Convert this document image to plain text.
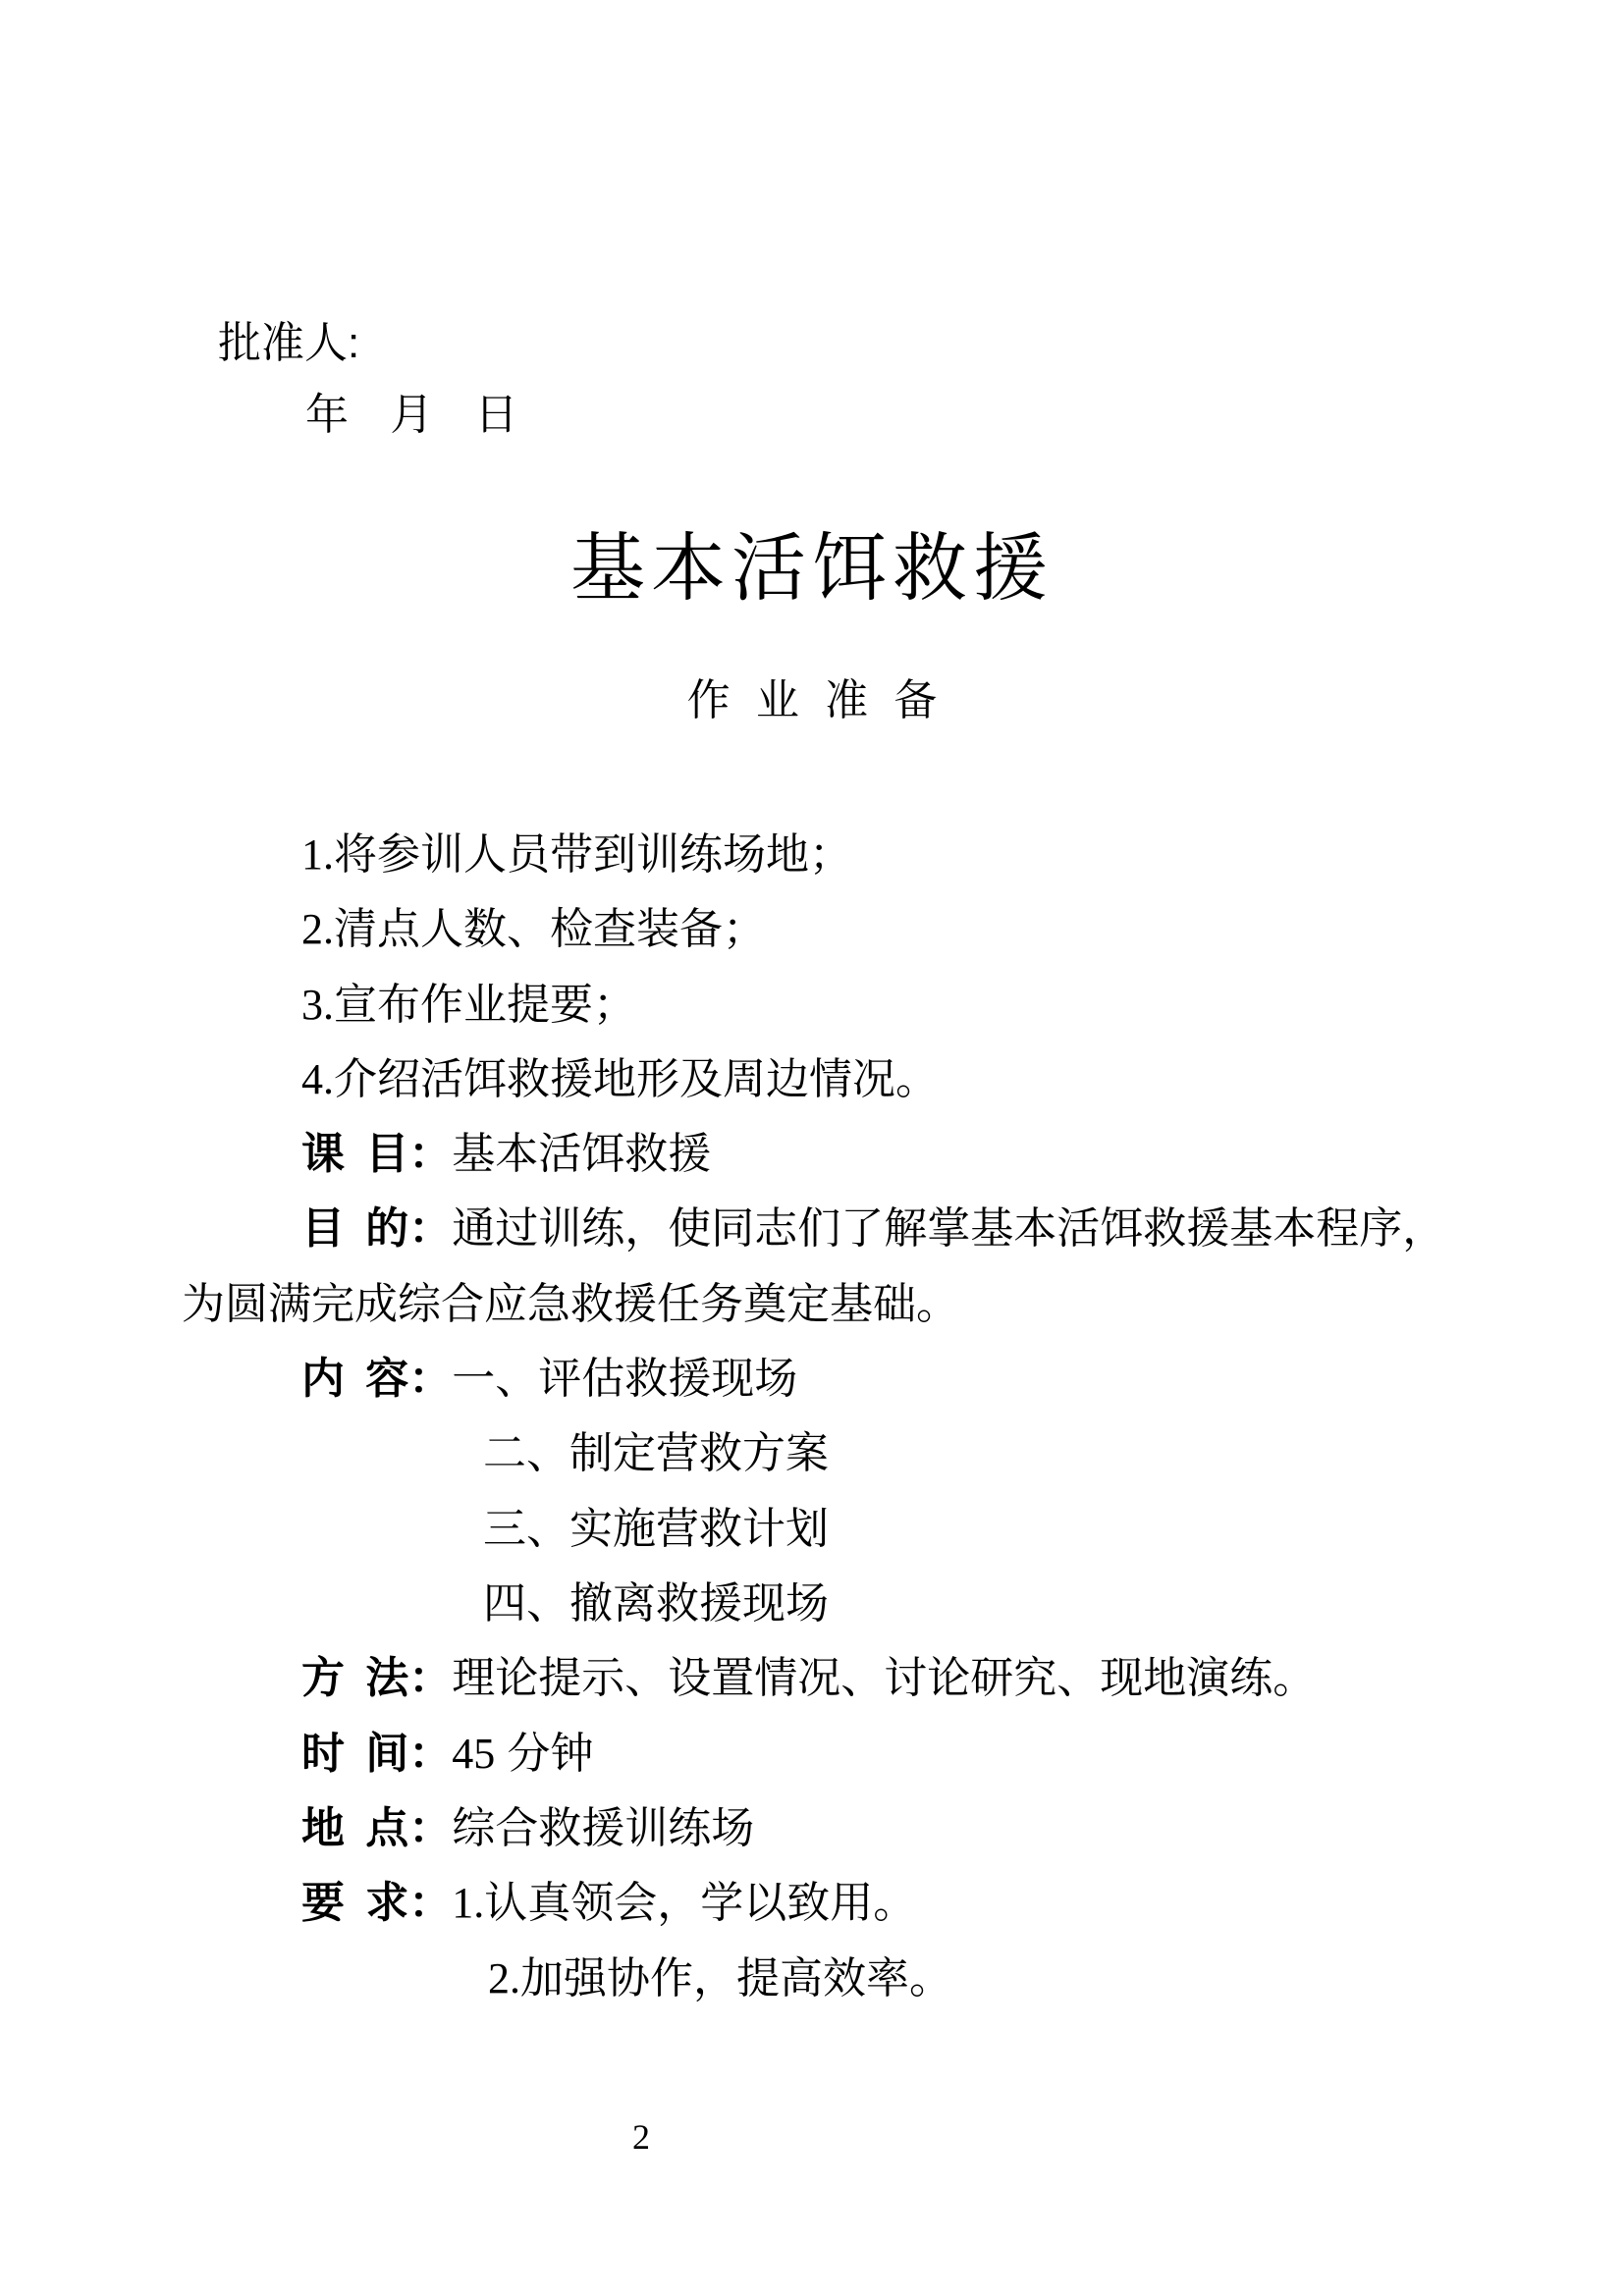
批准人:
年 月 日
基本活饵救援
作 业 准 备
1.将参训人员带到训练场地；
2.清点人数、检查装备；
3.宣布作业提要；
4.介绍活饵救援地形及周边情况。
课 目：基本活饵救援
目 的：通过训练，使同志们了解掌基本活饵救援基本程序，
为圆满完成综合应急救援任务奠定基础。
内 容：一、评估救援现场
二、制定营救方案
三、实施营救计划
四、撤离救援现场
方 法：理论提示、设置情况、讨论研究、现地演练。
时 间：45 分钟
地 点：综合救援训练场
要 求：1.认真领会，学以致用。
2.加强协作，提高效率。
2
